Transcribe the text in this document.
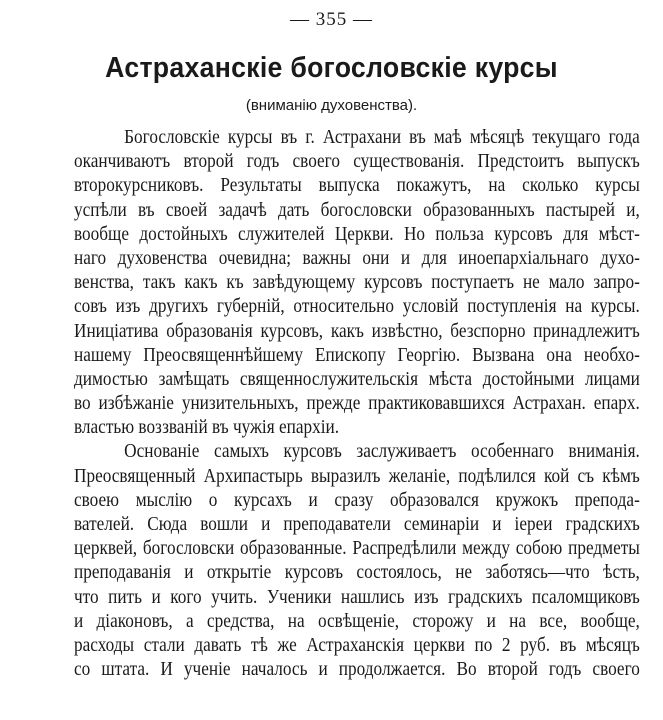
— 355 —
Астраханскіе богословскіе курсы
(вниманію духовенства).
Богословскіе курсы въ г. Астрахани въ маѣ мѣсяцѣ текущаго года
оканчиваютъ второй годъ своего существованія. Предстоитъ выпускъ
второкурсниковъ. Результаты выпуска покажутъ, на сколько курсы
успѣли въ своей задачѣ дать богословски образованныхъ пастырей и,
вообще достойныхъ служителей Церкви. Но польза курсовъ для мѣст-
наго духовенства очевидна; важны они и для иноепархіальнаго духо-
венства, такъ какъ къ завѣдующему курсовъ поступаетъ не мало запро-
совъ изъ другихъ губерній, относительно условій поступленія на курсы.
Иниціатива образованія курсовъ, какъ извѣстно, безспорно принадлежитъ
нашему Преосвященнѣйшему Епископу Георгію. Вызвана она необхо-
димостью замѣщать священнослужительскія мѣста достойными лицами
во избѣжаніе унизительныхъ, прежде практиковавшихся Астрахан. епарх.
властью воззваній въ чужія епархіи.
Основаніе самыхъ курсовъ заслуживаетъ особеннаго вниманія.
Преосвященный Архипастырь выразилъ желаніе, подѣлился кой съ кѣмъ
своею мыслію о курсахъ и сразу образовался кружокъ препода-
вателей. Сюда вошли и преподаватели семинаріи и іереи градскихъ
церквей, богословски образованные. Распредѣлили между собою предметы
преподаванія и открытіе курсовъ состоялось, не заботясь—что ѣсть,
что пить и кого учить. Ученики нашлись изъ градскихъ псаломщиковъ
и діаконовъ, а средства, на освѣщеніе, сторожу и на все, вообще,
расходы стали давать тѣ же Астраханскія церкви по 2 руб. въ мѣсяцъ
со штата. И ученіе началось и продолжается. Во второй годъ своего
